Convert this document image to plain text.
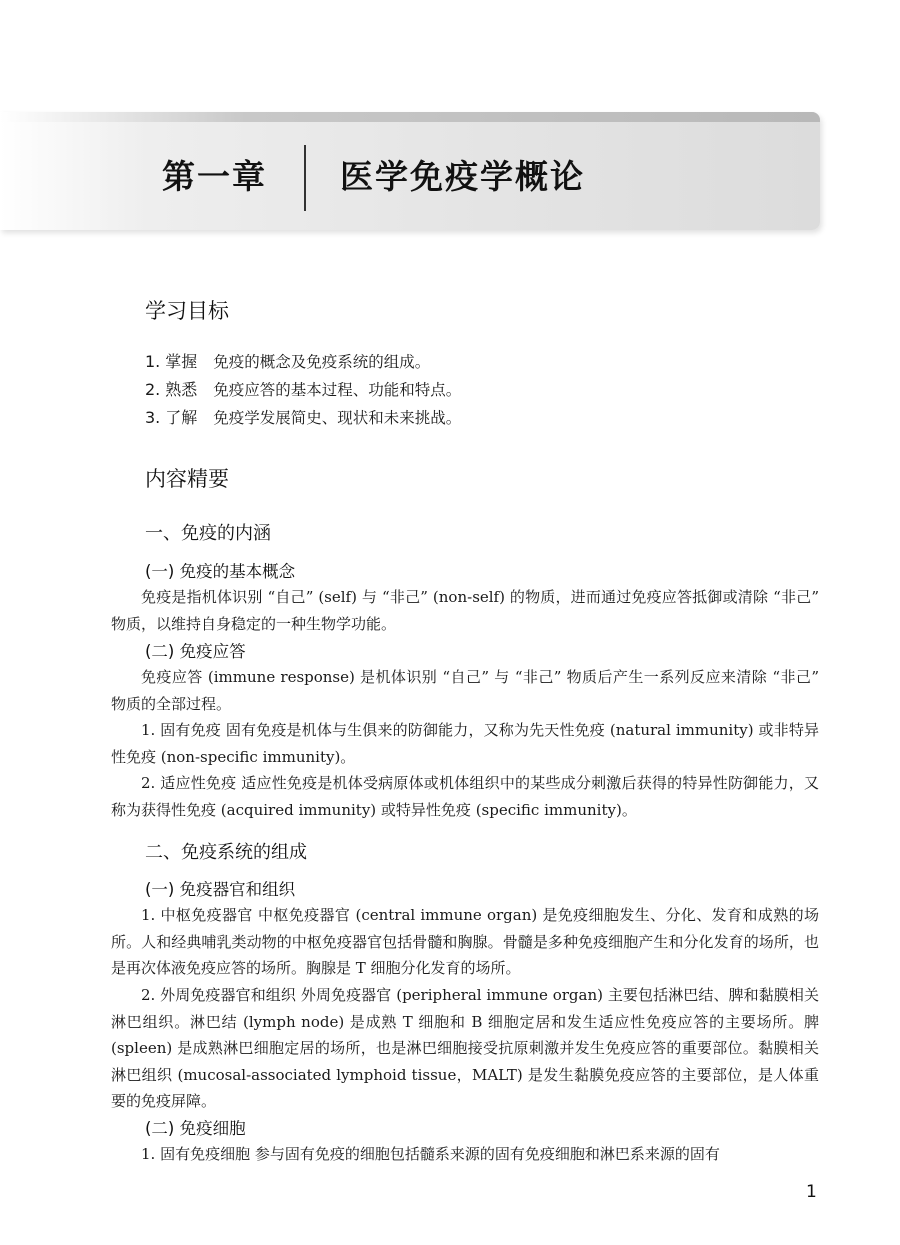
第一章 医学免疫学概论
学习目标
1. 掌握 免疫的概念及免疫系统的组成。
2. 熟悉 免疫应答的基本过程、功能和特点。
3. 了解 免疫学发展简史、现状和未来挑战。
内容精要
一、免疫的内涵
(一) 免疫的基本概念
免疫是指机体识别 “自己” (self) 与 “非己” (non-self) 的物质，进而通过免疫应答抵御或清除 “非己” 物质，以维持自身稳定的一种生物学功能。
(二) 免疫应答
免疫应答 (immune response) 是机体识别 “自己” 与 “非己” 物质后产生一系列反应来清除 “非己” 物质的全部过程。
1. 固有免疫 固有免疫是机体与生俱来的防御能力，又称为先天性免疫 (natural immunity) 或非特异性免疫 (non-specific immunity)。
2. 适应性免疫 适应性免疫是机体受病原体或机体组织中的某些成分刺激后获得的特异性防御能力，又称为获得性免疫 (acquired immunity) 或特异性免疫 (specific immunity)。
二、免疫系统的组成
(一) 免疫器官和组织
1. 中枢免疫器官 中枢免疫器官 (central immune organ) 是免疫细胞发生、分化、发育和成熟的场所。人和经典哺乳类动物的中枢免疫器官包括骨髓和胸腺。骨髓是多种免疫细胞产生和分化发育的场所，也是再次体液免疫应答的场所。胸腺是 T 细胞分化发育的场所。
2. 外周免疫器官和组织 外周免疫器官 (peripheral immune organ) 主要包括淋巴结、脾和黏膜相关淋巴组织。淋巴结 (lymph node) 是成熟 T 细胞和 B 细胞定居和发生适应性免疫应答的主要场所。脾 (spleen) 是成熟淋巴细胞定居的场所，也是淋巴细胞接受抗原刺激并发生免疫应答的重要部位。黏膜相关淋巴组织 (mucosal-associated lymphoid tissue，MALT) 是发生黏膜免疫应答的主要部位，是人体重要的免疫屏障。
(二) 免疫细胞
1. 固有免疫细胞 参与固有免疫的细胞包括髓系来源的固有免疫细胞和淋巴系来源的固有
1
